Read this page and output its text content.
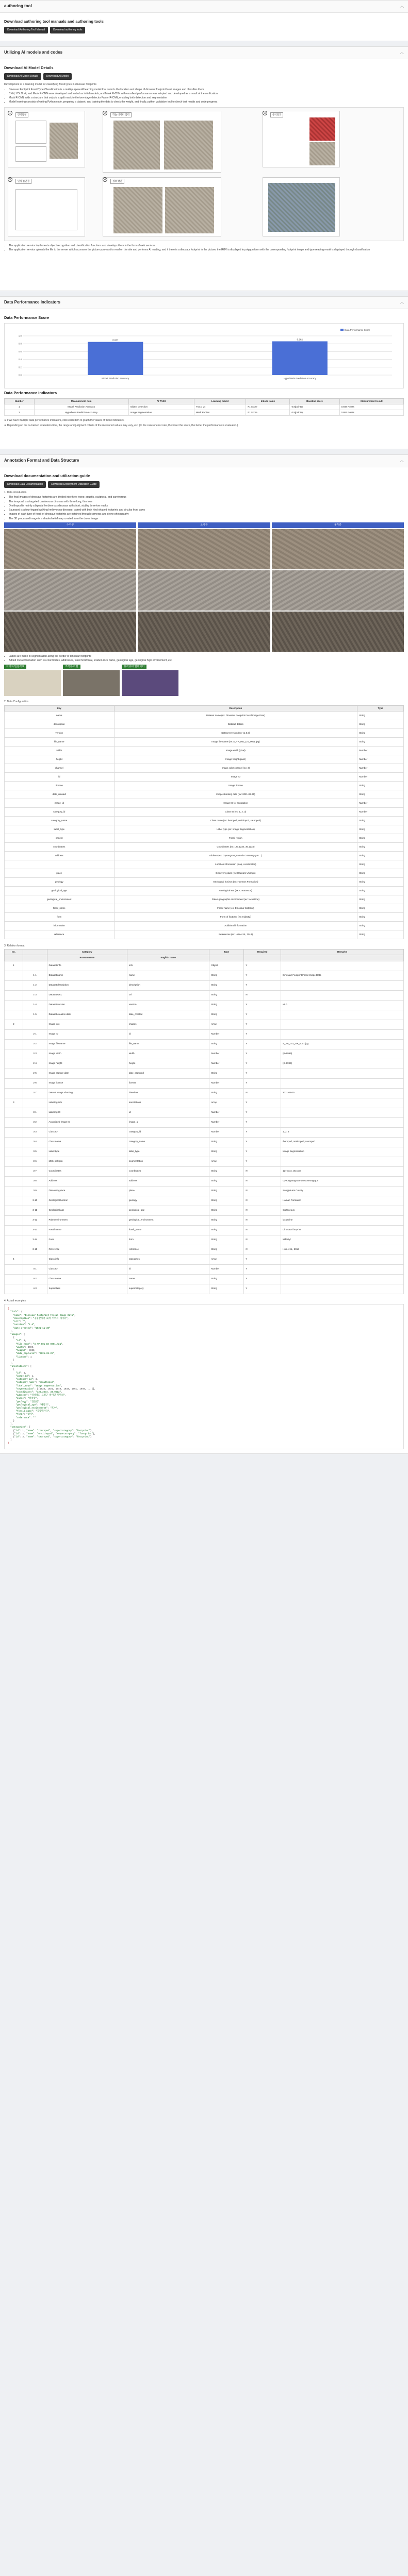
authoring tool	︿
Download authoring tool manuals and authoring tools
Download Authoring Tool Manual	Download authoring tools
Utilizing AI models and codes	︿
Download AI Model Details
Download AI Model Details	Download AI Model

Development of a learning model for classifying fossil types in dinosaur footprints

• Dinosaur Footprint Fossil Type Classification is a multi-purpose AI learning model that detects the location and shape of dinosaur footprint fossil images and classifies them
• CNN, YOLO v4, and Mask R-CNN were developed and tested as initial models, and Mask R-CNN with excellent performance was adopted and developed as a result of the verification
• Mask R-CNN adds a structure that outputs a split mask to the two-stage detector Faster R-CNN, enabling both detection and segmentation
• Model learning consists of writing Python code, preparing a dataset, and training the data to check the weight, and finally, python validation tool to check test results and code progress
1	장치촬영	2	학습 데이터 입력	3	분석결과
5	인식 불안정	4	정보 확인
• The application service implements object recognition and classification functions and develops them in the form of web services
• The application service uploads the file to the server which accesses the picture you want to read on the site and performs AI reading, and if there is a dinosaur footprint in the picture, the RGV is displayed in polygon form with the corresponding footprint image and type reading result is displayed through classification
Data Performance Indicators	︿
Data Performance Score
0.0
0.2
0.4
0.6
0.8
1.0
Data Performance Score
Model Prediction Accuracy
0.847
Hypothesis Prediction Accuracy
0.862
Data Performance Indicators
Number	Measurement item	AI TASK	Learning model	Indoor Name	Baseline score	Measurement result
1	Model Prediction Accuracy	Object Detection	YOLO v4	F1 Score	0.8(points)	0.847 Points
2	Hypothesis Prediction Accuracy	Image Segmentation	Mask R-CNN	F1 Score	0.8(points)	0.862 Points

※ If we have multiple data performance indicators, click each item to graph the values of those indicators.

※ Depending on the re-trained evaluation time, the range and judgment criteria of the measured values may vary, etc. (In the case of error rate, the lower the score, the better the performance is evaluated.)

Annotation Format and Data Structure	︿
Download documentation and utilization guide
Download Data Documentation	Download Deployment Utilization Guide

1. Data introduction

• The final images of dinosaur footprints are divided into three types: aquatic, sculptural, and carnivorous
• The temporal is a targeted carnivorous dinosaur with three-long, thin toes
• Ornithopod is mainly a bipedal herbivorous dinosaur with short, stubby three-toe marks
• Sauropod is a four-legged walking herbivorous dinosaur, paired with both hind-shaped footprints and circular front paws
• Images of each type of fossil of dinosaur footprints are obtained through cameras and drone photography
• The 3D processed image is a shaded relief map created from the drone image
수각류	조각류	용각류
• Labels are made in segmentation along the border of dinosaur footprints
• Added meta information such as coordinates, addresses, fossil horizontal, stratum rock name, geological age, geological high environment, etc.
이미지/원본자료	조각류/라벨	용각류/라벨데이터

2. Data Configuration

Key	Description	Type
name	Dataset name (ex: Dinosaur Footprint Fossil Image Data)	String
description	Dataset details	String
version	Dataset version (ex: v1.0.0)	String
file_name	Image file name (ex: S_YP_001_DX_0001.jpg)	String
width	Image width (pixel)	Number
height	Image height (pixel)	Number
channel	Image color channel (ex: 3)	Number
id	Image ID	Number
license	Image license	String
date_created	Image shooting date (ex: 2021-09-25)	String
image_id	Image ID for annotation	Number
category_id	Class ID (ex: 1, 2, 3)	Number
category_name	Class name (ex: theropod, ornithopod, sauropod)	String
label_type	Label type (ex: Image Segmentation)	String
project	Fossil region	String
coordinates	Coordinates (ex: 127.1234, 35.1234)	String
address	Address (ex: Gyeongsangnam-do Goseong-gun ...)	String
	Location information (map, coordinates)	String
place	Discovery place (ex: Haenam Uhangri)	String
geology	Geological horizon (ex: Haenam Formation)	String
geological_age	Geological era (ex: Cretaceous)	String
geological_environment	Paleo-geographic environment (ex: lacustrine)	String
fossil_name	Fossil name (ex: Dinosaur footprint)	String
form	Form of footprint (ex: tridactyl)	String
information	Additional information	String
reference	References (ex: Huh et al., 2013)	String

3. Relation format

No.		Category		Type	Required	Remarks
		Korean name	English name			
1		Dataset info	info	Object	Y	
	1-1	Dataset name	name	String	Y	Dinosaur Footprint Fossil Image Data
	1-2	Dataset description	description	String	Y	
	1-3	Dataset URL	url	String	N	
	1-4	Dataset version	version	String	Y	v1.0
	1-5	Dataset creation date	date_created	String	Y	
2		Image info	images	Array	Y	
	2-1	Image ID	id	Number	Y	
	2-2	Image file name	file_name	String	Y	S_YP_001_DX_0001.jpg
	2-3	Image width	width	Number	Y	(0~9999)
	2-4	Image height	height	Number	Y	(0~9999)
	2-5	Image capture date	date_captured	String	Y	
	2-6	Image license	license	Number	Y	
	2-7	Date of image shooting	datetime	String	N	2021-09-25
3		Labeling info	annotations	Array	Y	
	3-1	Labeling ID	id	Number	Y	
	3-2	Associated image ID	image_id	Number	Y	
	3-3	Class ID	category_id	Number	Y	1, 2, 3
	3-4	Class name	category_name	String	Y	theropod, ornithopod, sauropod
	3-5	Label type	label_type	String	Y	Image Segmentation
	3-6	Mark polygon	segmentation	Array	Y	
	3-7	Coordinates	coordinates	String	N	127.xxxx, 35.xxxx
	3-8	Address	address	String	N	Gyeongsangnam-do Goseong-gun
	3-9	Discovery place	place	String	N	Sangjok-am County
	3-10	Geological horizon	geology	String	N	Haman Formation
	3-11	Geological age	geological_age	String	N	Cretaceous
	3-12	Paleoenvironment	geological_environment	String	N	lacustrine
	3-13	Fossil name	fossil_name	String	N	Dinosaur footprint
	3-14	Form	form	String	N	tridactyl
	3-15	Reference	reference	String	N	Huh et al., 2013
4		Class info	categories	Array	Y	
	4-1	Class ID	id	Number	Y	
	4-2	Class name	name	String	Y	
	4-3	Superclass	supercategory	String	Y	

4. Actual examples

{
"info": {
"name": "Dinosaur Footprint Fossil Image Data",
"description": "공룡발자국 화석 이미지 데이터",
"url": "",
"version": "1.0",
"date_created": "2021-11-30"
},
"images": [
{
"id": 1,
"file_name": "S_YP_001_DX_0001.jpg",
"width": 4000,
"height": 3000,
"date_captured": "2021-09-25",
"license": 1
}
],
"annotations": [
{
"id": 1,
"image_id": 1,
"category_id": 2,
"category_name": "ornithopod",
"label_type": "Image Segmentation",
"segmentation": [[1523, 1021, 1540, 1033, 1561, 1049, ...]],
"coordinates": "128.2634, 34.9512",
"address": "경상남도 고성군 하이면 덕명리",
"place": "상족암",
"geology": "진동층",
"geological_age": "백악기",
"geological_environment": "호수",
"fossil_name": "공룡발자국",
"form": "삼지",
"reference": ""
}
],
"categories": [
{"id": 1, "name": "theropod", "supercategory": "footprint"},
{"id": 2, "name": "ornithopod", "supercategory": "footprint"},
{"id": 3, "name": "sauropod", "supercategory": "footprint"}
]
}
